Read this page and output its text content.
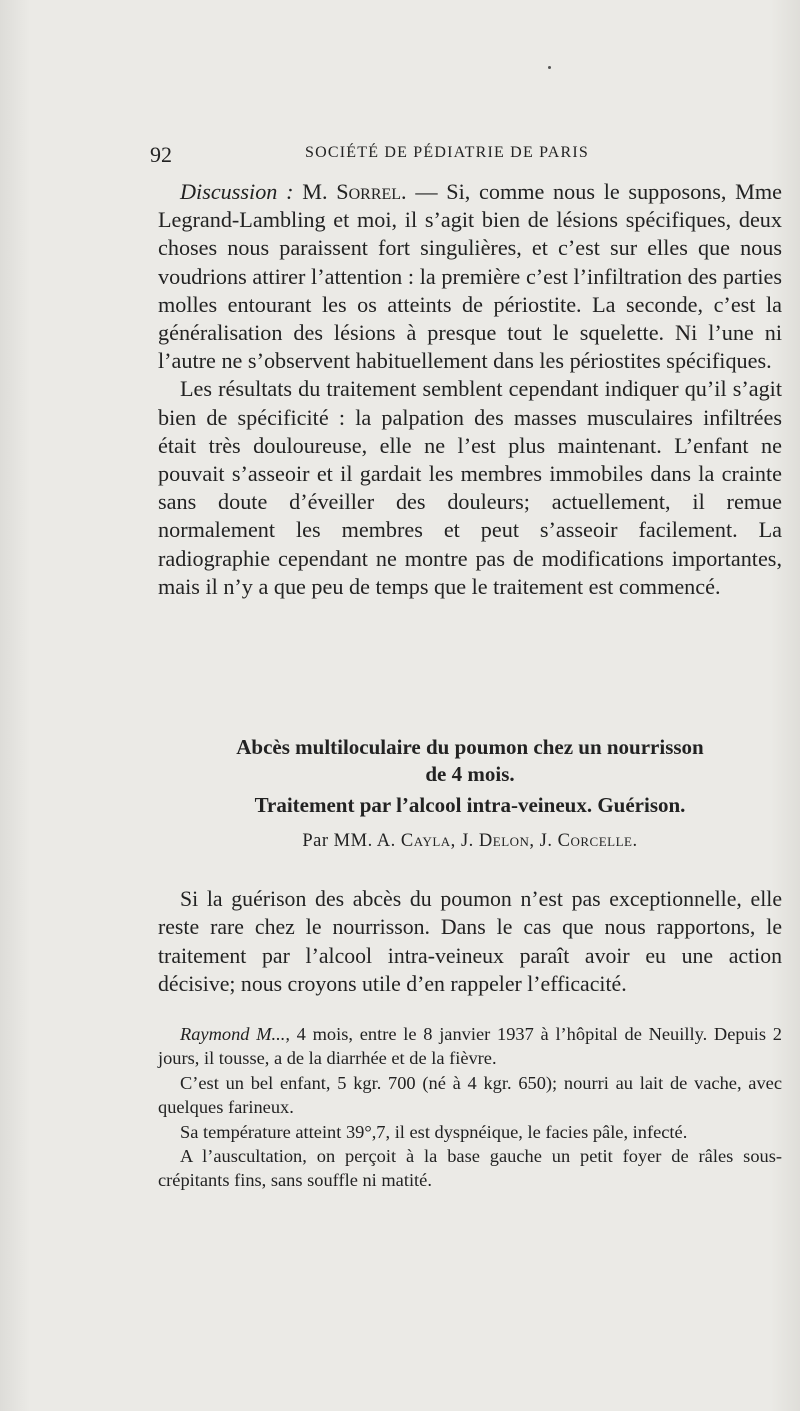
92	SOCIÉTÉ DE PÉDIATRIE DE PARIS

Discussion : M. Sorrel. — Si, comme nous le supposons, Mme Legrand-Lambling et moi, il s’agit bien de lésions spécifiques, deux choses nous paraissent fort singulières, et c’est sur elles que nous voudrions attirer l’attention : la première c’est l’infiltration des parties molles entourant les os atteints de périostite. La seconde, c’est la généralisation des lésions à presque tout le squelette. Ni l’une ni l’autre ne s’observent habituellement dans les périostites spécifiques.

Les résultats du traitement semblent cependant indiquer qu’il s’agit bien de spécificité : la palpation des masses musculaires infiltrées était très douloureuse, elle ne l’est plus maintenant. L’enfant ne pouvait s’asseoir et il gardait les membres immobiles dans la crainte sans doute d’éveiller des douleurs; actuellement, il remue normalement les membres et peut s’asseoir facilement. La radiographie cependant ne montre pas de modifications importantes, mais il n’y a que peu de temps que le traitement est commencé.

Abcès multiloculaire du poumon chez un nourrisson
de 4 mois.
Traitement par l’alcool intra-veineux. Guérison.
Par MM. A. Cayla, J. Delon, J. Corcelle.

Si la guérison des abcès du poumon n’est pas exceptionnelle, elle reste rare chez le nourrisson. Dans le cas que nous rapportons, le traitement par l’alcool intra-veineux paraît avoir eu une action décisive; nous croyons utile d’en rappeler l’efficacité.

Raymond M..., 4 mois, entre le 8 janvier 1937 à l’hôpital de Neuilly. Depuis 2 jours, il tousse, a de la diarrhée et de la fièvre.

C’est un bel enfant, 5 kgr. 700 (né à 4 kgr. 650); nourri au lait de vache, avec quelques farineux.

Sa température atteint 39°,7, il est dyspnéique, le facies pâle, infecté.

A l’auscultation, on perçoit à la base gauche un petit foyer de râles sous-crépitants fins, sans souffle ni matité.
